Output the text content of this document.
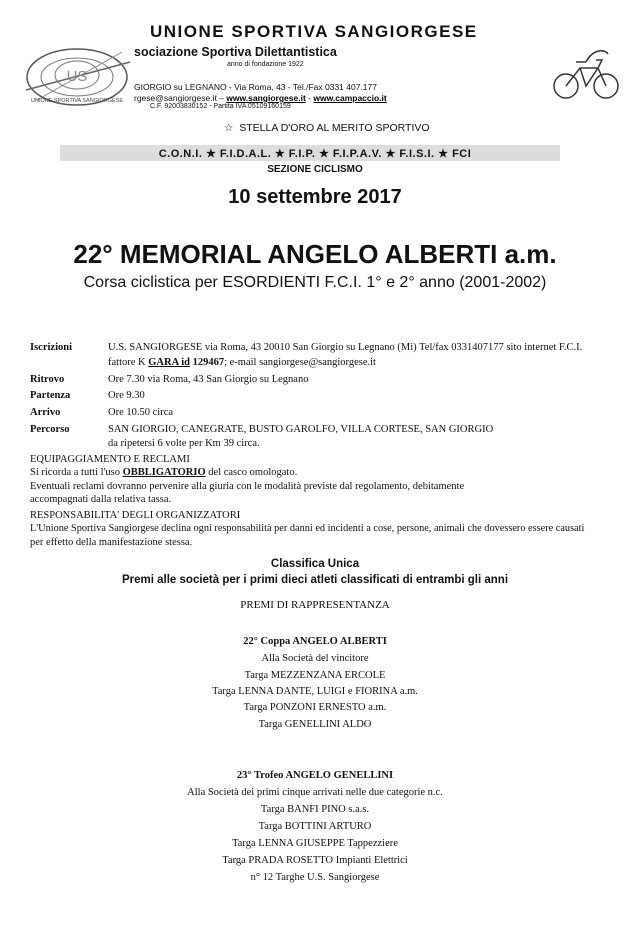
US
UNIONE SPORTIVA SANGIORGESE
UNIONE SPORTIVA SANGIORGESE
sociazione Sportiva Dilettantistica
anno di fondazione 1922
GIORGIO su LEGNANO - Via Roma, 43 - Tel./Fax 0331 407.177
rgese@sangiorgese.it – www.sangiorgese.it - www.campaccio.it
C.F. 92003830152 - Partita IVA 05109160159
☆ STELLA D'ORO AL MERITO SPORTIVO
C.O.N.I. ★ F.I.D.A.L. ★ F.I.P. ★ F.I.P.A.V. ★ F.I.S.I. ★ FCI
SEZIONE CICLISMO
10 settembre 2017
22° MEMORIAL ANGELO ALBERTI a.m.
Corsa ciclistica per ESORDIENTI F.C.I. 1° e 2° anno (2001-2002)
Iscrizioni	U.S. SANGIORGESE via Roma, 43 20010 San Giorgio su Legnano (Mi) Tel/fax 0331407177 sito internet F.C.I.
fattore K GARA id 129467; e-mail sangiorgese@sangiorgese.it
Ritrovo	Ore 7.30 via Roma, 43 San Giorgio su Legnano
Partenza	Ore 9.30
Arrivo	Ore 10.50 circa
Percorso	SAN GIORGIO, CANEGRATE, BUSTO GAROLFO, VILLA CORTESE, SAN GIORGIO
da ripetersi 6 volte per Km 39 circa.
EQUIPAGGIAMENTO E RECLAMI
Si ricorda a tutti l'uso OBBLIGATORIO del casco omologato.
Eventuali reclami dovranno pervenire alla giuria con le modalità previste dal regolamento, debitamente
accompagnati dalla relativa tassa.
RESPONSABILITA' DEGLI ORGANIZZATORI
L'Unione Sportiva Sangiorgese declina ogni responsabilità per danni ed incidenti a cose, persone, animali che dovessero essere causati
per effetto della manifestazione stessa.
Classifica Unica
Premi alle società per i primi dieci atleti classificati di entrambi gli anni
PREMI DI RAPPRESENTANZA
22° Coppa ANGELO ALBERTI
Alla Società del vincitore
Targa MEZZENZANA ERCOLE
Targa LENNA DANTE, LUIGI e FIORINA a.m.
Targa PONZONI ERNESTO a.m.
Targa GENELLINI ALDO
23° Trofeo ANGELO GENELLINI
Alla Società dei primi cinque arrivati nelle due categorie n.c.
Targa BANFI PINO s.a.s.
Targa BOTTINI ARTURO
Targa LENNA GIUSEPPE Tappezziere
Targa PRADA ROSETTO Impianti Elettrici
n° 12 Targhe U.S. Sangiorgese
